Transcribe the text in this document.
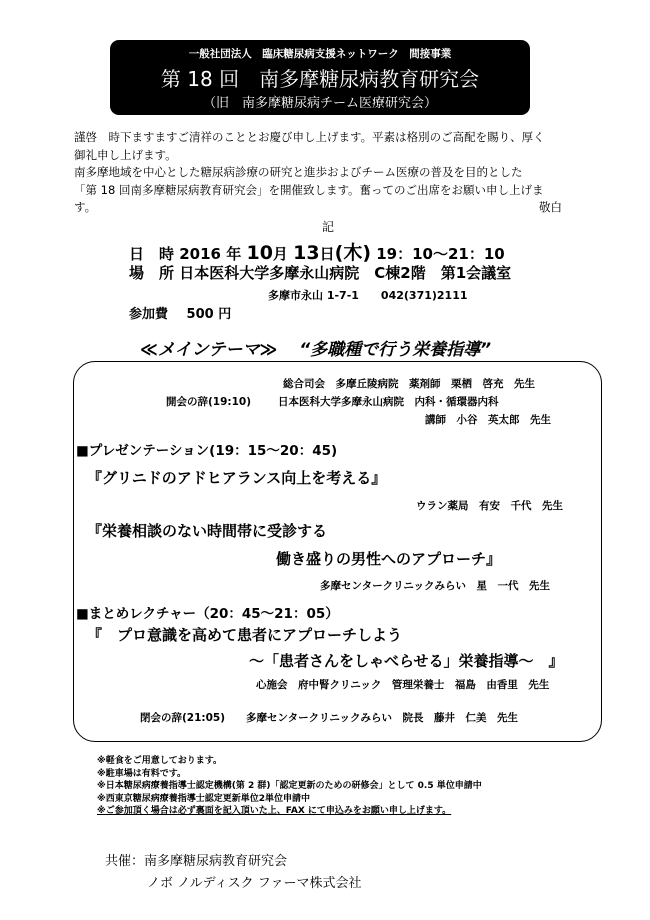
一般社団法人　臨床糖尿病支援ネットワーク　間接事業
第 18 回　南多摩糖尿病教育研究会
（旧　南多摩糖尿病チーム医療研究会）

謹啓　時下ますますご清祥のこととお慶び申し上げます。平素は格別のご高配を賜り、厚く

御礼申し上げます。

南多摩地域を中心とした糖尿病診療の研究と進歩およびチーム医療の普及を目的とした

「第 18 回南多摩糖尿病教育研究会」を開催致します。奮ってのご出席をお願い申し上げま

す。	敬白
記
日　時 2016 年 10月 13日(木) 19：10～21：10
場　所 日本医科大学多摩永山病院　C棟2階　第1会議室
多摩市永山 1-7-1　　042(371)2111
参加費 500 円
≪メインテーマ≫ “多職種で行う栄養指導”
総合司会　多摩丘陵病院　薬剤師　栗栖　啓充　先生
開会の辞(19:10)	日本医科大学多摩永山病院　内科・循環器内科
講師　小谷　英太郎　先生
■プレゼンテーション(19：15～20：45)
『グリニドのアドヒアランス向上を考える』
ウラン薬局　有安　千代　先生
『栄養相談のない時間帯に受診する
働き盛りの男性へのアプローチ』
多摩センタークリニックみらい　星　一代　先生
■まとめレクチャー（20：45～21：05）
『　プロ意識を高めて患者にアプローチしよう
～「患者さんをしゃべらせる」栄養指導～　』
心施会　府中腎クリニック　管理栄養士　福島　由香里　先生
閉会の辞(21:05)　　多摩センタークリニックみらい　院長　藤井　仁美　先生
※軽食をご用意しております。
※駐車場は有料です。
※日本糖尿病療養指導士認定機構(第 2 群)「認定更新のための研修会」として 0.5 単位申請中
※西東京糖尿病療養指導士認定更新単位2単位申請中
※ご参加頂く場合は必ず裏面を記入頂いた上、FAX にて申込みをお願い申し上げます。
共催：南多摩糖尿病教育研究会
ノボ ノルディスク ファーマ株式会社
